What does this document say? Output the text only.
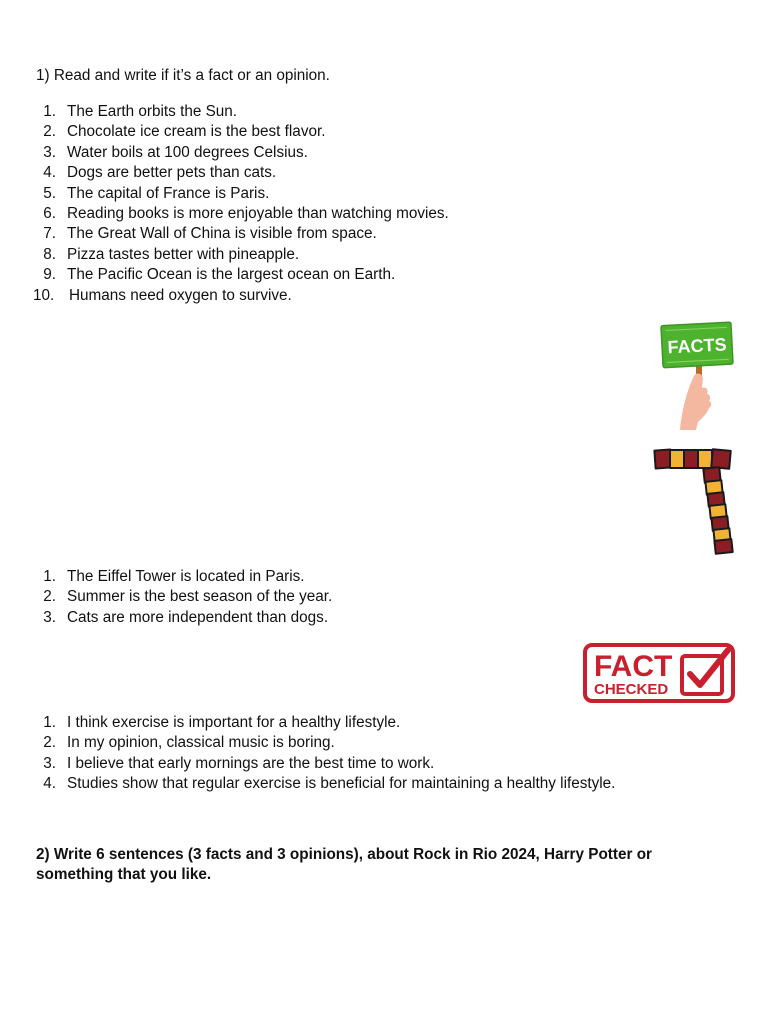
1) Read and write if it’s a fact or an opinion.

1. The Earth orbits the Sun.
2. Chocolate ice cream is the best flavor.
3. Water boils at 100 degrees Celsius.
4. Dogs are better pets than cats.
5. The capital of France is Paris.
6. Reading books is more enjoyable than watching movies.
7. The Great Wall of China is visible from space.
8. Pizza tastes better with pineapple.
9. The Pacific Ocean is the largest ocean on Earth.
10. Humans need oxygen to survive.
FACTS
1. The Eiffel Tower is located in Paris.
2. Summer is the best season of the year.
3. Cats are more independent than dogs.
FACT
CHECKED
1. I think exercise is important for a healthy lifestyle.
2. In my opinion, classical music is boring.
3. I believe that early mornings are the best time to work.
4. Studies show that regular exercise is beneficial for maintaining a healthy lifestyle.

2) Write 6 sentences (3 facts and 3 opinions), about Rock in Rio 2024, Harry Potter or something that you like.
